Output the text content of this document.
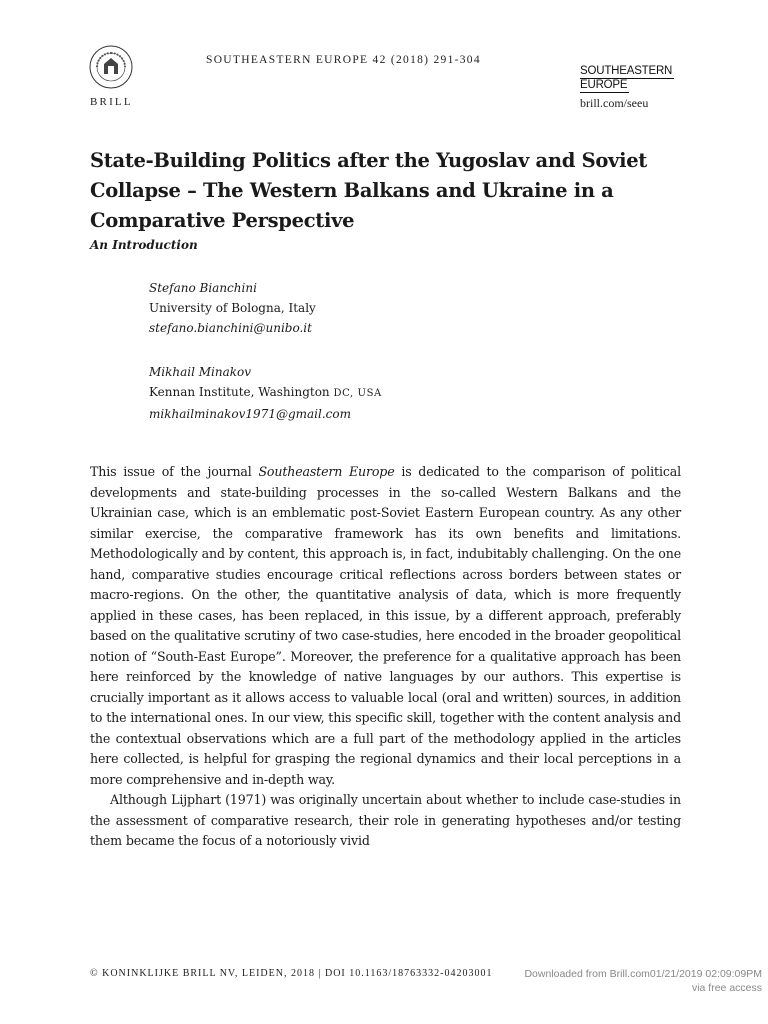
BRILL
SOUTHEASTERN EUROPE 42 (2018) 291-304
SOUTHEASTERN
EUROPE
brill.com/seeu
State-Building Politics after the Yugoslav and Soviet Collapse – The Western Balkans and Ukraine in a Comparative Perspective
An Introduction
Stefano Bianchini
University of Bologna, Italy
stefano.bianchini@unibo.it
Mikhail Minakov
Kennan Institute, Washington DC, USA
mikhailminakov1971@gmail.com

This issue of the journal Southeastern Europe is dedicated to the comparison of political developments and state-building processes in the so-called Western Balkans and the Ukrainian case, which is an emblematic post-Soviet Eastern European country. As any other similar exercise, the comparative framework has its own benefits and limitations. Methodologically and by content, this approach is, in fact, indubitably challenging. On the one hand, comparative studies encourage critical reflections across borders between states or macro-regions. On the other, the quantitative analysis of data, which is more frequently applied in these cases, has been replaced, in this issue, by a different approach, preferably based on the qualitative scrutiny of two case-studies, here encoded in the broader geopolitical notion of “South-East Europe”. Moreover, the preference for a qualitative approach has been here reinforced by the knowledge of native languages by our authors. This expertise is crucially important as it allows access to valuable local (oral and written) sources, in addition to the international ones. In our view, this specific skill, together with the content analysis and the contextual observations which are a full part of the methodology applied in the articles here collected, is helpful for grasping the regional dynamics and their local perceptions in a more comprehensive and in-depth way.

Although Lijphart (1971) was originally uncertain about whether to include case-studies in the assessment of comparative research, their role in generating hypotheses and/or testing them became the focus of a notoriously vivid

© KONINKLIJKE BRILL NV, LEIDEN, 2018 | DOI 10.1163/18763332-04203001	Downloaded from Brill.com01/21/2019 02:09:09PM
via free access
